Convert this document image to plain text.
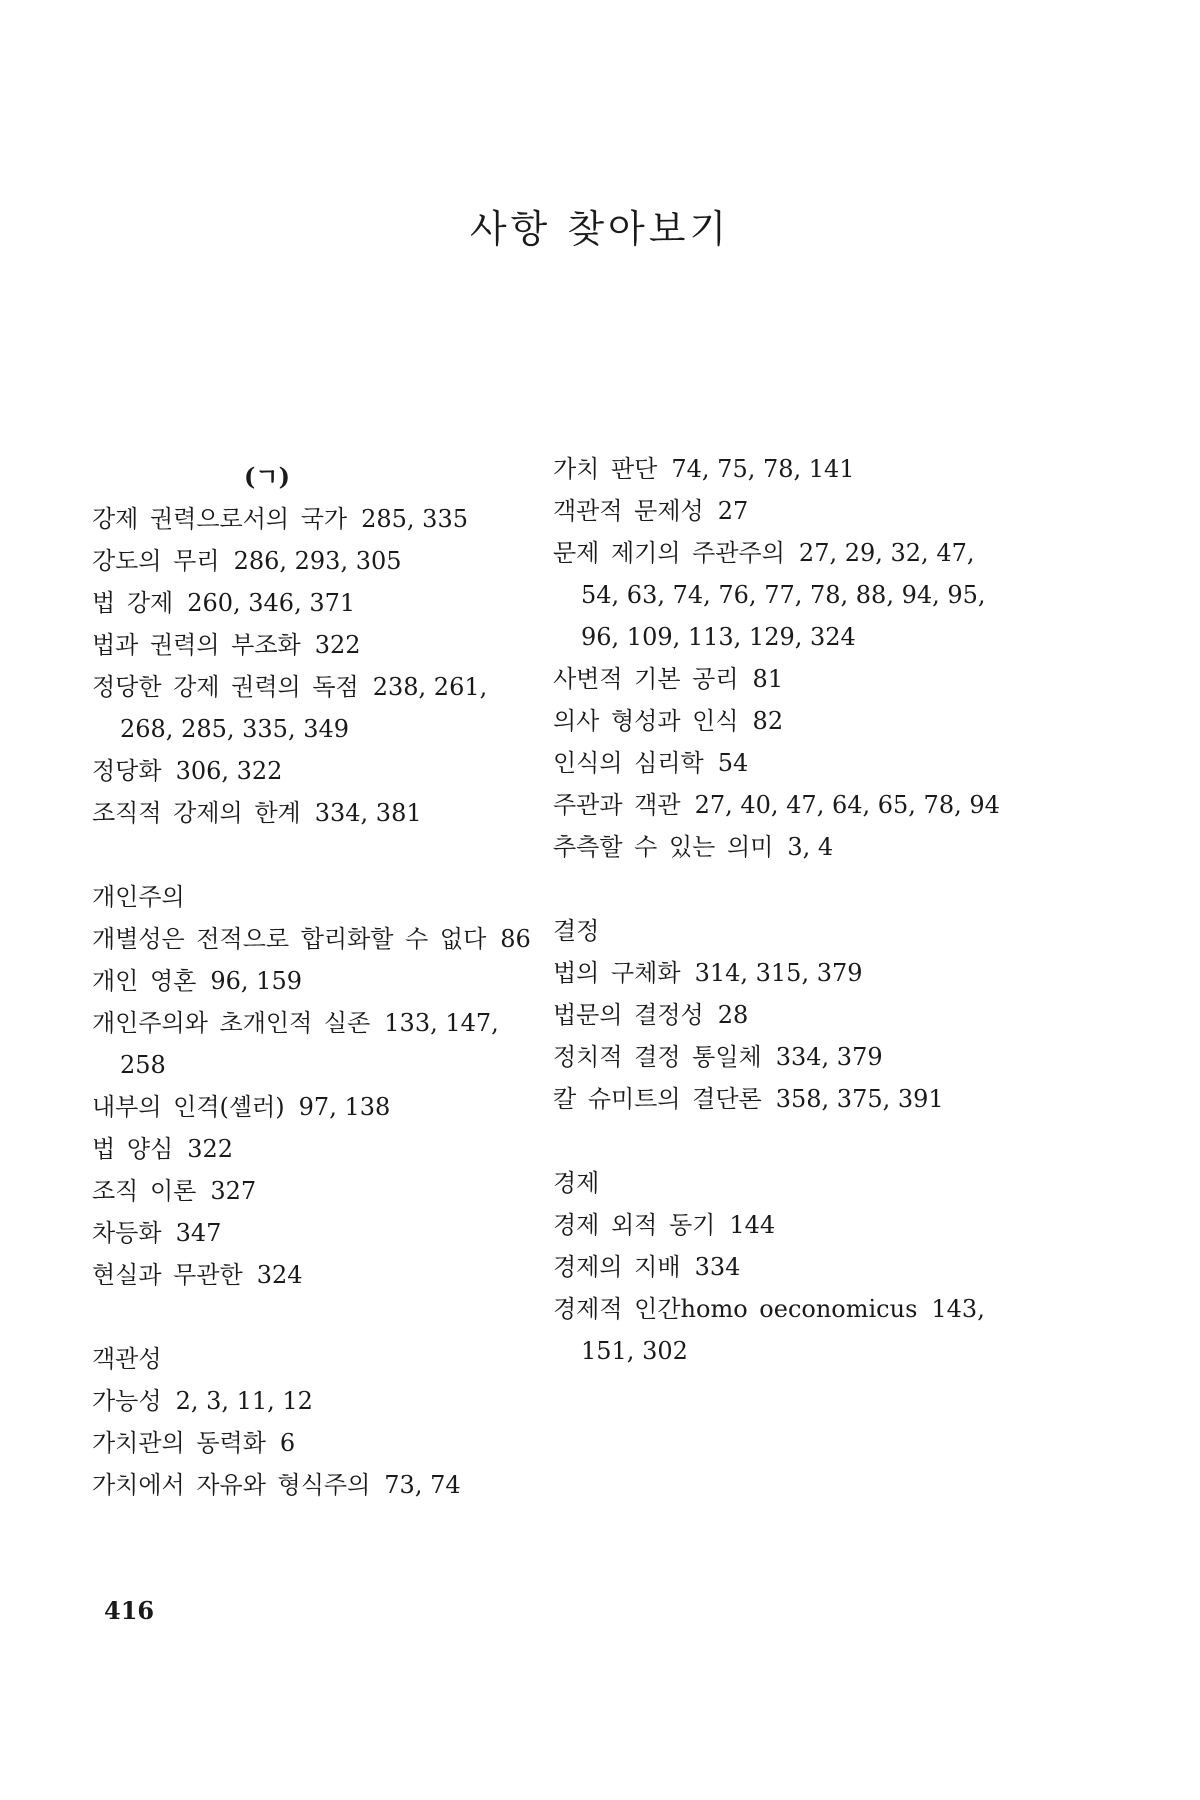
사항 찾아보기
(ㄱ)
강제 권력으로서의 국가 285, 335
강도의 무리 286, 293, 305
법 강제 260, 346, 371
법과 권력의 부조화 322
정당한 강제 권력의 독점 238, 261, 268, 285, 335, 349
정당화 306, 322
조직적 강제의 한계 334, 381
개인주의
개별성은 전적으로 합리화할 수 없다 86
개인 영혼 96, 159
개인주의와 초개인적 실존 133, 147, 258
내부의 인격(셸러) 97, 138
법 양심 322
조직 이론 327
차등화 347
현실과 무관한 324
객관성
가능성 2, 3, 11, 12
가치관의 동력화 6
가치에서 자유와 형식주의 73, 74
가치 판단 74, 75, 78, 141
객관적 문제성 27
문제 제기의 주관주의 27, 29, 32, 47, 54, 63, 74, 76, 77, 78, 88, 94, 95, 96, 109, 113, 129, 324
사변적 기본 공리 81
의사 형성과 인식 82
인식의 심리학 54
주관과 객관 27, 40, 47, 64, 65, 78, 94
추측할 수 있는 의미 3, 4
결정
법의 구체화 314, 315, 379
법문의 결정성 28
정치적 결정 통일체 334, 379
칼 슈미트의 결단론 358, 375, 391
경제
경제 외적 동기 144
경제의 지배 334
경제적 인간homo oeconomicus 143, 151, 302
416
